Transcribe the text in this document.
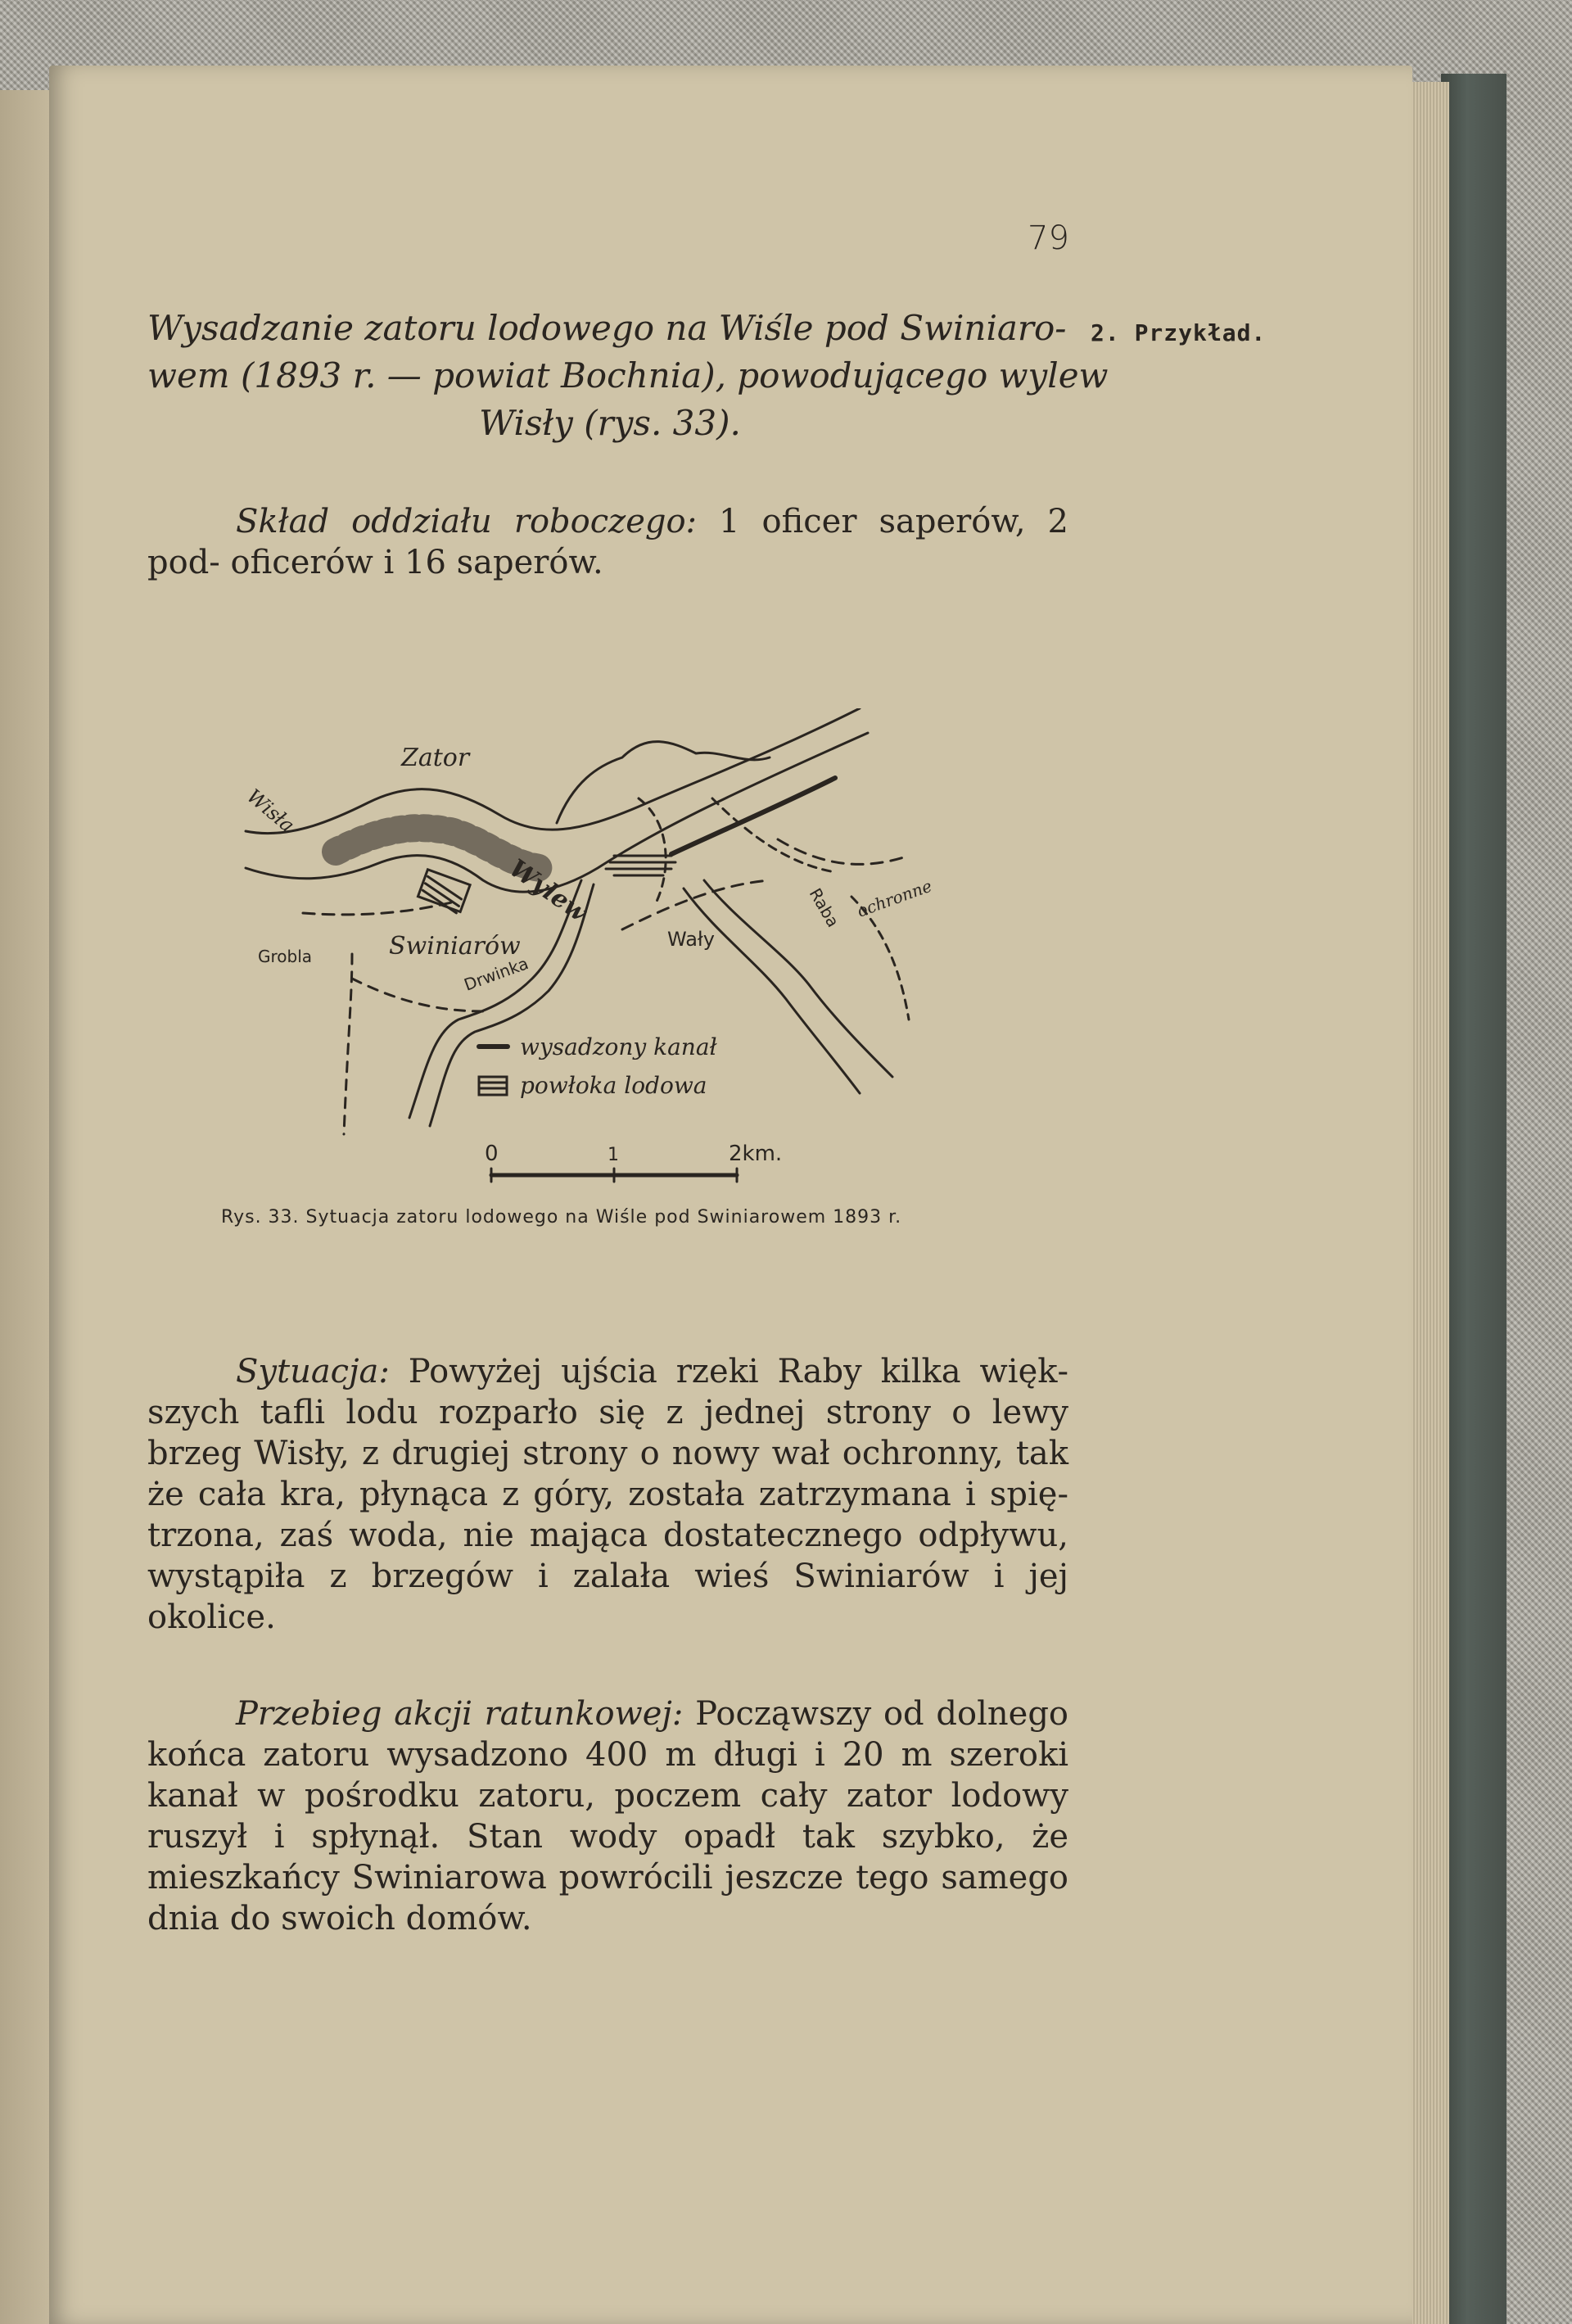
79
2. Przykład.
Wysadzanie zatoru lodowego na Wiśle pod Swiniaro‐
wem (1893 r. — powiat Bochnia), powodującego wylew
Wisły (rys. 33).
Skład oddziału roboczego: 1 oficer saperów, 2 pod‐ oficerów i 16 saperów.
Zator
Wisła
Wylew
Swiniarów
Grobla	Drwinka
Wały
Raba ochronne
wysadzony kanał
powłoka lodowa
0	1	2km.
Rys. 33. Sytuacja zatoru lodowego na Wiśle pod Swiniarowem 1893 r.
Sytuacja: Powyżej ujścia rzeki Raby kilka więk‐ szych tafli lodu rozparło się z jednej strony o lewy brzeg Wisły, z drugiej strony o nowy wał ochronny, tak że cała kra, płynąca z góry, została zatrzymana i spię‐ trzona, zaś woda, nie mająca dostatecznego odpływu, wystąpiła z brzegów i zalała wieś Swiniarów i jej okolice.
Przebieg akcji ratunkowej: Począwszy od dolnego końca zatoru wysadzono 400 m długi i 20 m szeroki kanał w pośrodku zatoru, poczem cały zator lodowy ruszył i spłynął. Stan wody opadł tak szybko, że mieszkańcy Swiniarowa powrócili jeszcze tego samego dnia do swoich domów.
